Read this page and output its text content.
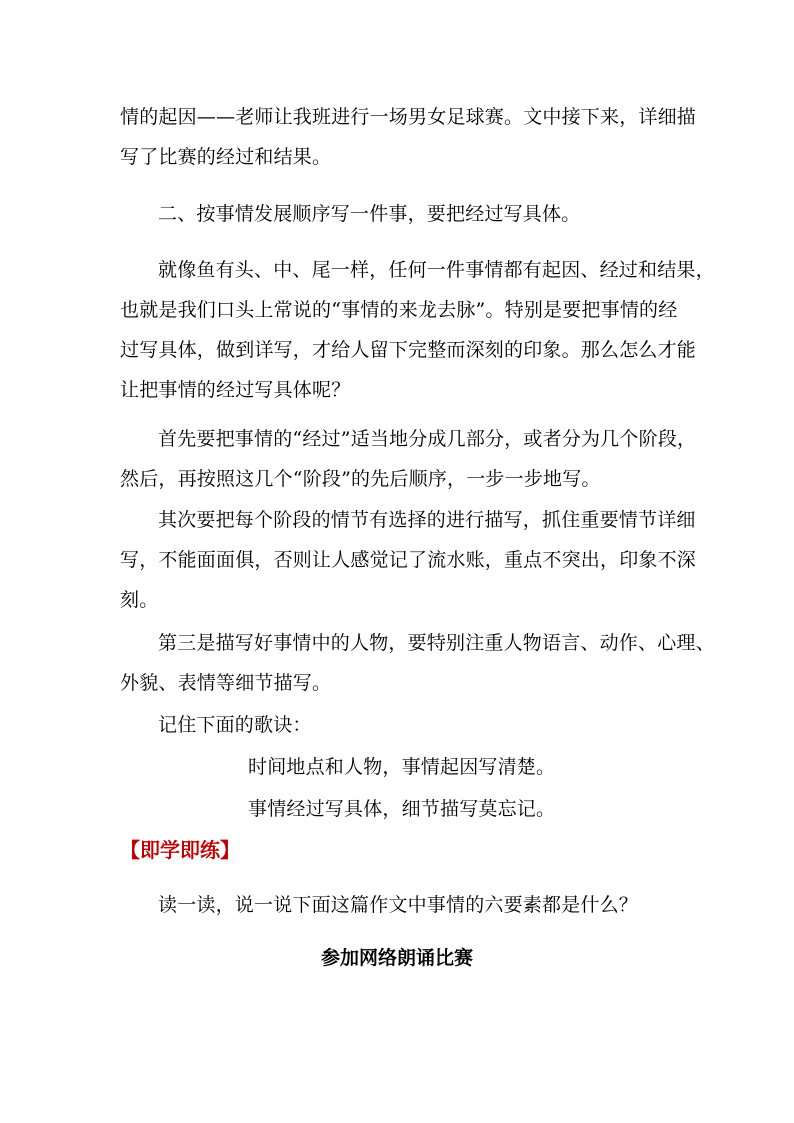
情的起因——老师让我班进行一场男女足球赛。文中接下来，详细描
写了比赛的经过和结果。
二、按事情发展顺序写一件事，要把经过写具体。
就像鱼有头、中、尾一样，任何一件事情都有起因、经过和结果，
也就是我们口头上常说的“事情的来龙去脉”。特别是要把事情的经
过写具体，做到详写，才给人留下完整而深刻的印象。那么怎么才能
让把事情的经过写具体呢？
首先要把事情的“经过”适当地分成几部分，或者分为几个阶段，
然后，再按照这几个“阶段”的先后顺序，一步一步地写。
其次要把每个阶段的情节有选择的进行描写，抓住重要情节详细
写，不能面面俱，否则让人感觉记了流水账，重点不突出，印象不深
刻。
第三是描写好事情中的人物，要特别注重人物语言、动作、心理、
外貌、表情等细节描写。
记住下面的歌诀：
时间地点和人物，事情起因写清楚。
事情经过写具体，细节描写莫忘记。
【即学即练】
读一读，说一说下面这篇作文中事情的六要素都是什么？
参加网络朗诵比赛
